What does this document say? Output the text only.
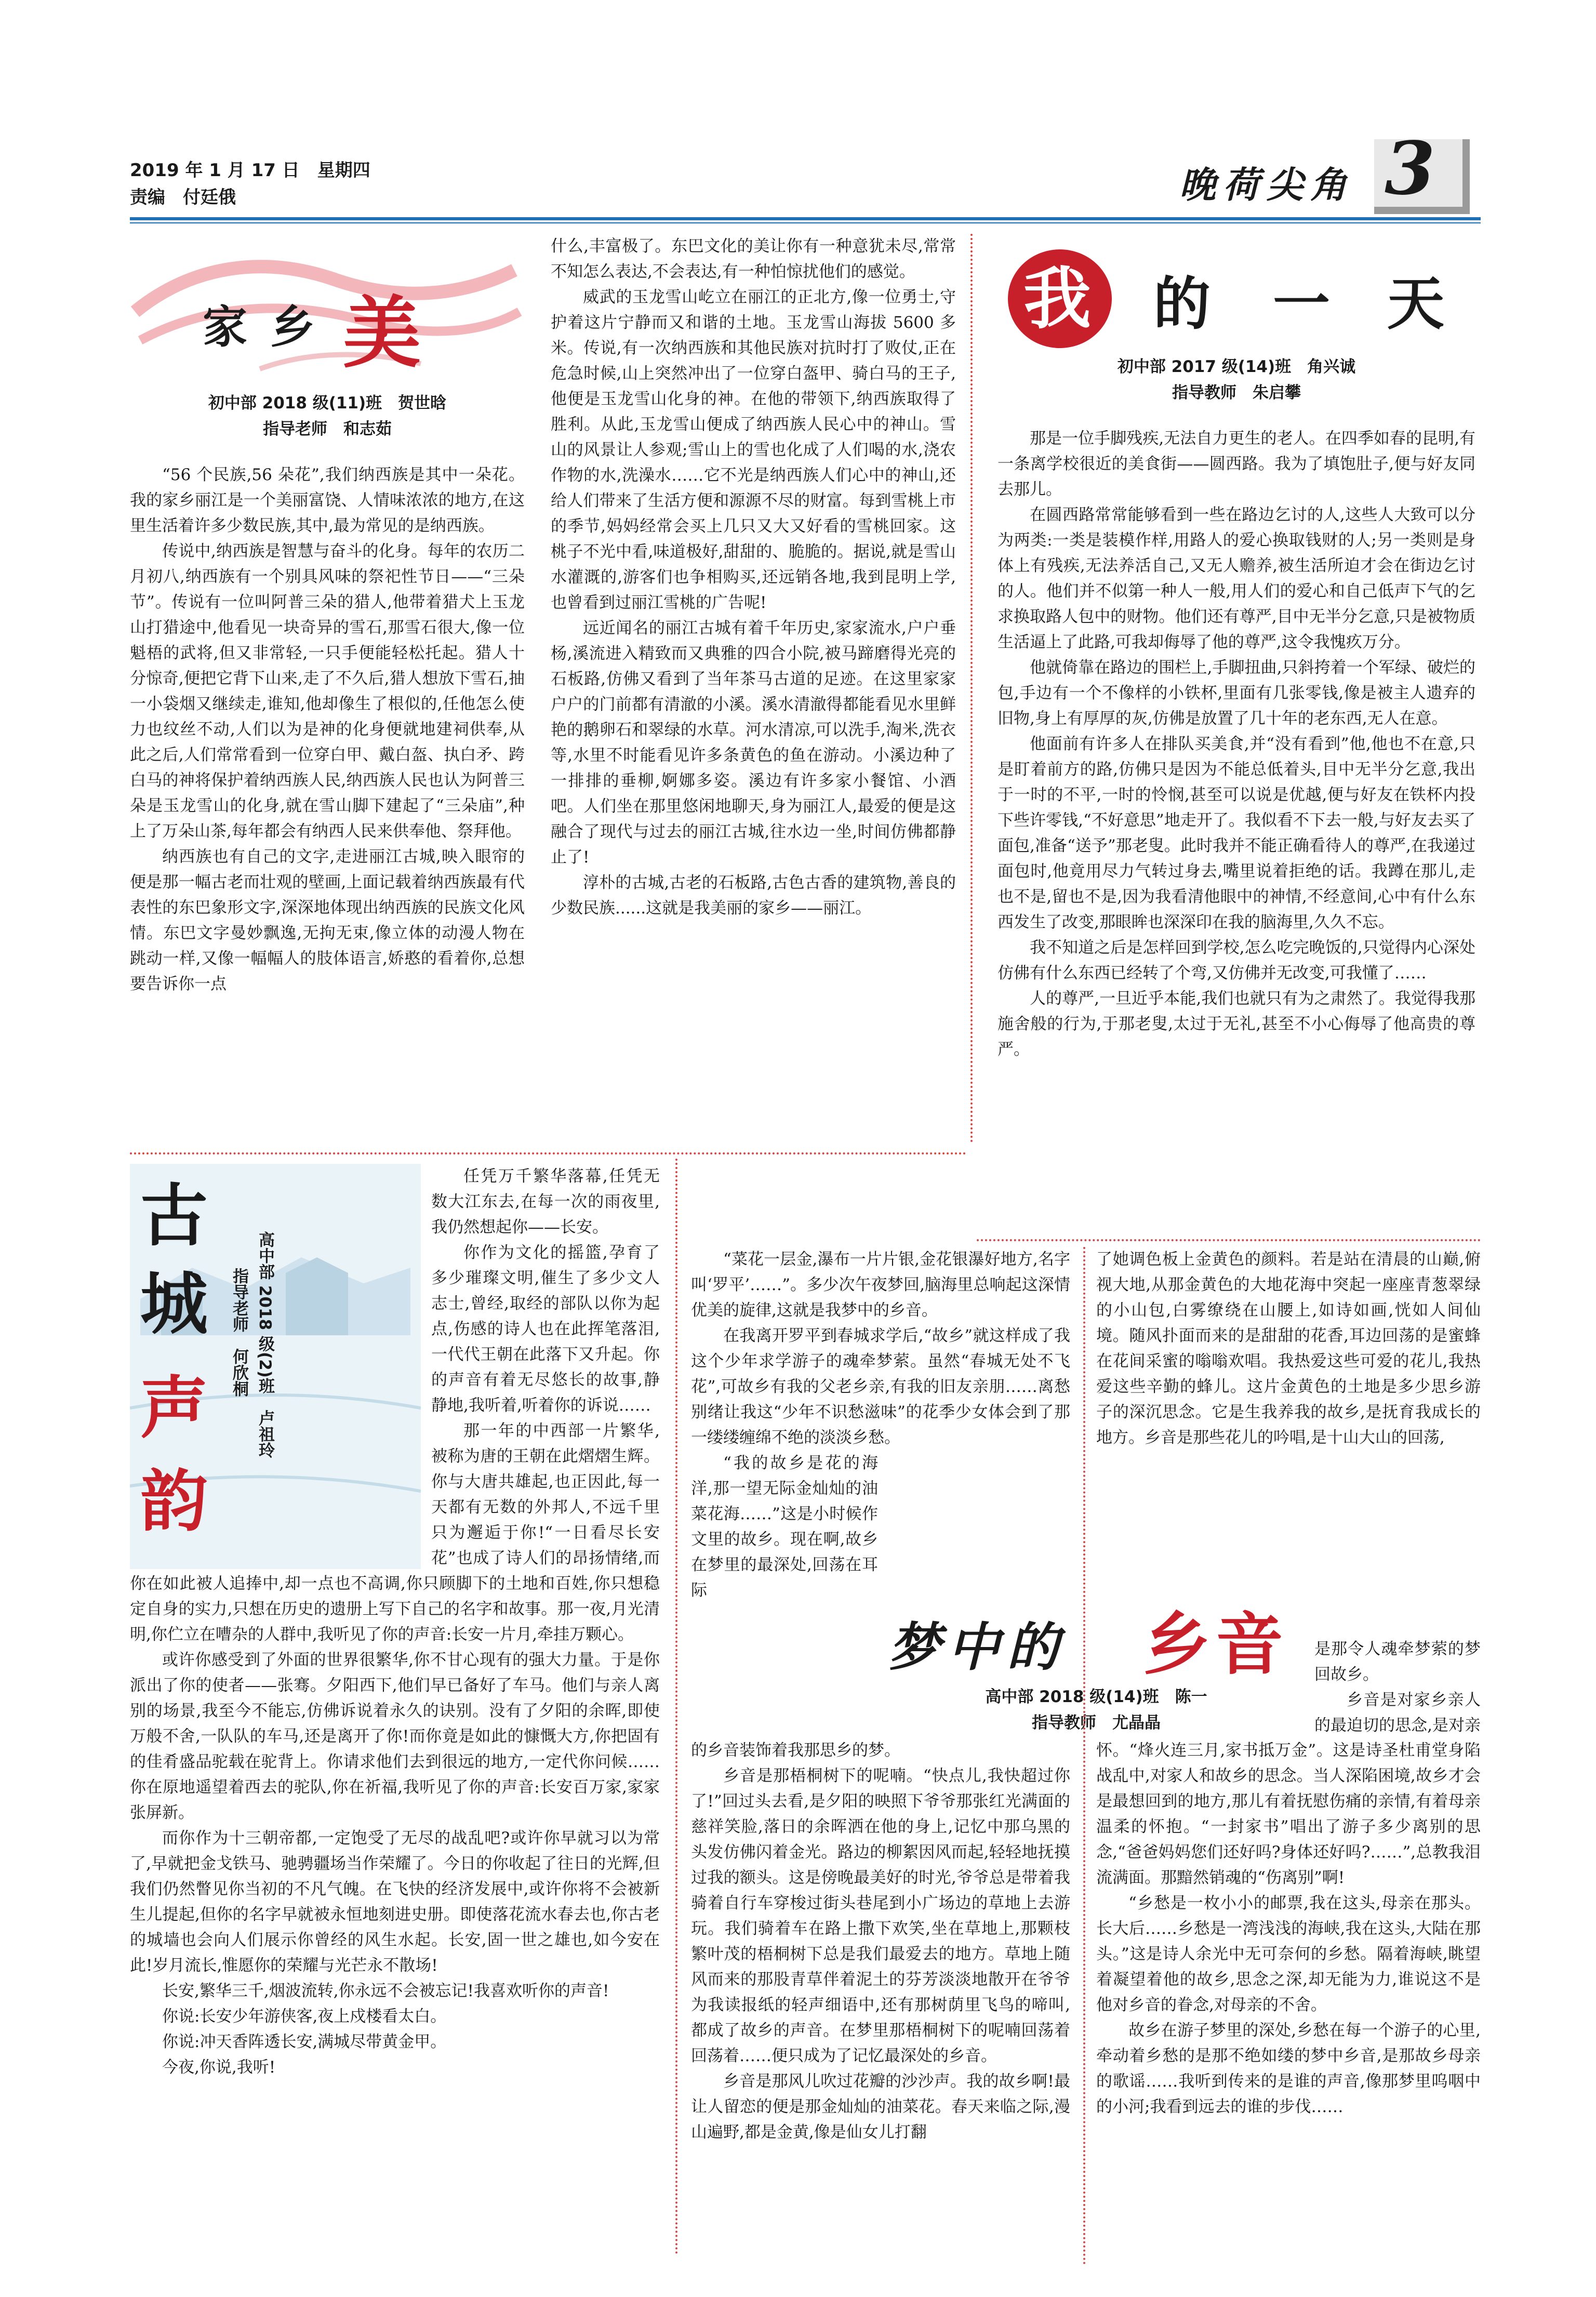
2019 年 1 月 17 日　星期四
责编　付廷俄	晚荷尖角 3
家 乡 美
初中部 2018 级(11)班　贺世晗
指导老师　和志茹

“56 个民族,56 朵花”,我们纳西族是其中一朵花。我的家乡丽江是一个美丽富饶、人情味浓浓的地方,在这里生活着许多少数民族,其中,最为常见的是纳西族。

传说中,纳西族是智慧与奋斗的化身。每年的农历二月初八,纳西族有一个别具风味的祭祀性节日——“三朵节”。传说有一位叫阿普三朵的猎人,他带着猎犬上玉龙山打猎途中,他看见一块奇异的雪石,那雪石很大,像一位魁梧的武将,但又非常轻,一只手便能轻松托起。猎人十分惊奇,便把它背下山来,走了不久后,猎人想放下雪石,抽一小袋烟又继续走,谁知,他却像生了根似的,任他怎么使力也纹丝不动,人们以为是神的化身便就地建祠供奉,从此之后,人们常常看到一位穿白甲、戴白盔、执白矛、跨白马的神将保护着纳西族人民,纳西族人民也认为阿普三朵是玉龙雪山的化身,就在雪山脚下建起了“三朵庙”,种上了万朵山茶,每年都会有纳西人民来供奉他、祭拜他。

纳西族也有自己的文字,走进丽江古城,映入眼帘的便是那一幅古老而壮观的壁画,上面记载着纳西族最有代表性的东巴象形文字,深深地体现出纳西族的民族文化风情。东巴文字曼妙飘逸,无拘无束,像立体的动漫人物在跳动一样,又像一幅幅人的肢体语言,娇憨的看着你,总想要告诉你一点

什么,丰富极了。东巴文化的美让你有一种意犹未尽,常常不知怎么表达,不会表达,有一种怕惊扰他们的感觉。

威武的玉龙雪山屹立在丽江的正北方,像一位勇士,守护着这片宁静而又和谐的土地。玉龙雪山海拔 5600 多米。传说,有一次纳西族和其他民族对抗时打了败仗,正在危急时候,山上突然冲出了一位穿白盔甲、骑白马的王子,他便是玉龙雪山化身的神。在他的带领下,纳西族取得了胜利。从此,玉龙雪山便成了纳西族人民心中的神山。雪山的风景让人参观;雪山上的雪也化成了人们喝的水,浇农作物的水,洗澡水……它不光是纳西族人们心中的神山,还给人们带来了生活方便和源源不尽的财富。每到雪桃上市的季节,妈妈经常会买上几只又大又好看的雪桃回家。这桃子不光中看,味道极好,甜甜的、脆脆的。据说,就是雪山水灌溉的,游客们也争相购买,还远销各地,我到昆明上学,也曾看到过丽江雪桃的广告呢!

远近闻名的丽江古城有着千年历史,家家流水,户户垂杨,溪流进入精致而又典雅的四合小院,被马蹄磨得光亮的石板路,仿佛又看到了当年茶马古道的足迹。在这里家家户户的门前都有清澈的小溪。溪水清澈得都能看见水里鲜艳的鹅卵石和翠绿的水草。河水清凉,可以洗手,淘米,洗衣等,水里不时能看见许多条黄色的鱼在游动。小溪边种了一排排的垂柳,婀娜多姿。溪边有许多家小餐馆、小酒吧。人们坐在那里悠闲地聊天,身为丽江人,最爱的便是这融合了现代与过去的丽江古城,往水边一坐,时间仿佛都静止了!

淳朴的古城,古老的石板路,古色古香的建筑物,善良的少数民族......这就是我美丽的家乡——丽江。

我 的 一 天
初中部 2017 级(14)班　角兴诚
指导教师　朱启攀

那是一位手脚残疾,无法自力更生的老人。在四季如春的昆明,有一条离学校很近的美食街——圆西路。我为了填饱肚子,便与好友同去那儿。

在圆西路常常能够看到一些在路边乞讨的人,这些人大致可以分为两类:一类是装模作样,用路人的爱心换取钱财的人;另一类则是身体上有残疾,无法养活自己,又无人赡养,被生活所迫才会在街边乞讨的人。他们并不似第一种人一般,用人们的爱心和自己低声下气的乞求换取路人包中的财物。他们还有尊严,目中无半分乞意,只是被物质生活逼上了此路,可我却侮辱了他的尊严,这令我愧疚万分。

他就倚靠在路边的围栏上,手脚扭曲,只斜挎着一个军绿、破烂的包,手边有一个不像样的小铁杯,里面有几张零钱,像是被主人遗弃的旧物,身上有厚厚的灰,仿佛是放置了几十年的老东西,无人在意。

他面前有许多人在排队买美食,并“没有看到”他,他也不在意,只是盯着前方的路,仿佛只是因为不能总低着头,目中无半分乞意,我出于一时的不平,一时的怜悯,甚至可以说是优越,便与好友在铁杯内投下些许零钱,“不好意思”地走开了。我似看不下去一般,与好友去买了面包,准备“送予”那老叟。此时我并不能正确看待人的尊严,在我递过面包时,他竟用尽力气转过身去,嘴里说着拒绝的话。我蹲在那儿,走也不是,留也不是,因为我看清他眼中的神情,不经意间,心中有什么东西发生了改变,那眼眸也深深印在我的脑海里,久久不忘。

我不知道之后是怎样回到学校,怎么吃完晚饭的,只觉得内心深处仿佛有什么东西已经转了个弯,又仿佛并无改变,可我懂了……

人的尊严,一旦近乎本能,我们也就只有为之肃然了。我觉得我那施舍般的行为,于那老叟,太过于无礼,甚至不小心侮辱了他高贵的尊严。

古
城
声
韵
高中部 2018 级(2)班　卢祖玲
指导老师　何欣桐

任凭万千繁华落幕,任凭无数大江东去,在每一次的雨夜里,我仍然想起你——长安。

你作为文化的摇篮,孕育了多少璀璨文明,催生了多少文人志士,曾经,取经的部队以你为起点,伤感的诗人也在此挥笔落泪,一代代王朝在此落下又升起。你的声音有着无尽悠长的故事,静静地,我听着,听着你的诉说……

那一年的中西部一片繁华,被称为唐的王朝在此熠熠生辉。你与大唐共雄起,也正因此,每一天都有无数的外邦人,不远千里只为邂逅于你!“一日看尽长安花”也成了诗人们的昂扬情绪,而你在如此被人追捧中,却一点也不高调,你只顾脚下的土地和百姓,你只想稳定自身的实力,只想在历史的遗册上写下自己的名字和故事。那一夜,月光清明,你伫立在嘈杂的人群中,我听见了你的声音:长安一片月,牵挂万颗心。

或许你感受到了外面的世界很繁华,你不甘心现有的强大力量。于是你派出了你的使者——张骞。夕阳西下,他们早已备好了车马。他们与亲人离别的场景,我至今不能忘,仿佛诉说着永久的诀别。没有了夕阳的余晖,即使万般不舍,一队队的车马,还是离开了你!而你竟是如此的慷慨大方,你把固有的佳肴盛品驼载在驼背上。你请求他们去到很远的地方,一定代你问候……你在原地遥望着西去的驼队,你在祈福,我听见了你的声音:长安百万家,家家张屏新。

而你作为十三朝帝都,一定饱受了无尽的战乱吧?或许你早就习以为常了,早就把金戈铁马、驰骋疆场当作荣耀了。今日的你收起了往日的光辉,但我们仍然瞥见你当初的不凡气魄。在飞快的经济发展中,或许你将不会被新生儿提起,但你的名字早就被永恒地刻进史册。即使落花流水春去也,你古老的城墙也会向人们展示你曾经的风生水起。长安,固一世之雄也,如今安在此!岁月流长,惟愿你的荣耀与光芒永不散场!

长安,繁华三千,烟波流转,你永远不会被忘记!我喜欢听你的声音!

你说:长安少年游侠客,夜上戍楼看太白。

你说:冲天香阵透长安,满城尽带黄金甲。

今夜,你说,我听!

“菜花一层金,瀑布一片片银,金花银瀑好地方,名字叫‘罗平’……”。多少次午夜梦回,脑海里总响起这深情优美的旋律,这就是我梦中的乡音。

在我离开罗平到春城求学后,“故乡”就这样成了我这个少年求学游子的魂牵梦萦。虽然“春城无处不飞花”,可故乡有我的父老乡亲,有我的旧友亲朋……离愁别绪让我这“少年不识愁滋味”的花季少女体会到了那一缕缕缠绵不绝的淡淡乡愁。

“我的故乡是花的海洋,那一望无际金灿灿的油菜花海……”这是小时候作文里的故乡。现在啊,故乡在梦里的最深处,回荡在耳际

了她调色板上金黄色的颜料。若是站在清晨的山巅,俯视大地,从那金黄色的大地花海中突起一座座青葱翠绿的小山包,白雾缭绕在山腰上,如诗如画,恍如人间仙境。随风扑面而来的是甜甜的花香,耳边回荡的是蜜蜂在花间采蜜的嗡嗡欢唱。我热爱这些可爱的花儿,我热爱这些辛勤的蜂儿。这片金黄色的土地是多少思乡游子的深沉思念。它是生我养我的故乡,是抚育我成长的地方。乡音是那些花儿的吟唱,是十山大山的回荡,

梦中的 乡音
高中部 2018 级(14)班　陈一
指导教师　尤晶晶

是那令人魂牵梦萦的梦回故乡。

乡音是对家乡亲人的最迫切的思念,是对亲

的乡音装饰着我那思乡的梦。

乡音是那梧桐树下的呢喃。“快点儿,我快超过你了!”回过头去看,是夕阳的映照下爷爷那张红光满面的慈祥笑脸,落日的余晖洒在他的身上,记忆中那乌黑的头发仿佛闪着金光。路边的柳絮因风而起,轻轻地抚摸过我的额头。这是傍晚最美好的时光,爷爷总是带着我骑着自行车穿梭过街头巷尾到小广场边的草地上去游玩。我们骑着车在路上撒下欢笑,坐在草地上,那颗枝繁叶茂的梧桐树下总是我们最爱去的地方。草地上随风而来的那股青草伴着泥土的芬芳淡淡地散开在爷爷为我读报纸的轻声细语中,还有那树荫里飞鸟的啼叫,都成了故乡的声音。在梦里那梧桐树下的呢喃回荡着回荡着……便只成为了记忆最深处的乡音。

乡音是那风儿吹过花瓣的沙沙声。我的故乡啊!最让人留恋的便是那金灿灿的油菜花。春天来临之际,漫山遍野,都是金黄,像是仙女儿打翻

怀。“烽火连三月,家书抵万金”。这是诗圣杜甫堂身陷战乱中,对家人和故乡的思念。当人深陷困境,故乡才会是最想回到的地方,那儿有着抚慰伤痛的亲情,有着母亲温柔的怀抱。“一封家书”唱出了游子多少离别的思念,“爸爸妈妈您们还好吗?身体还好吗?……”,总教我泪流满面。那黯然销魂的“伤离别”啊!

“乡愁是一枚小小的邮票,我在这头,母亲在那头。长大后……乡愁是一湾浅浅的海峡,我在这头,大陆在那头。”这是诗人余光中无可奈何的乡愁。隔着海峡,眺望着凝望着他的故乡,思念之深,却无能为力,谁说这不是他对乡音的眷念,对母亲的不舍。

故乡在游子梦里的深处,乡愁在每一个游子的心里,牵动着乡愁的是那不绝如缕的梦中乡音,是那故乡母亲的歌谣……我听到传来的是谁的声音,像那梦里呜咽中的小河;我看到远去的谁的步伐……
